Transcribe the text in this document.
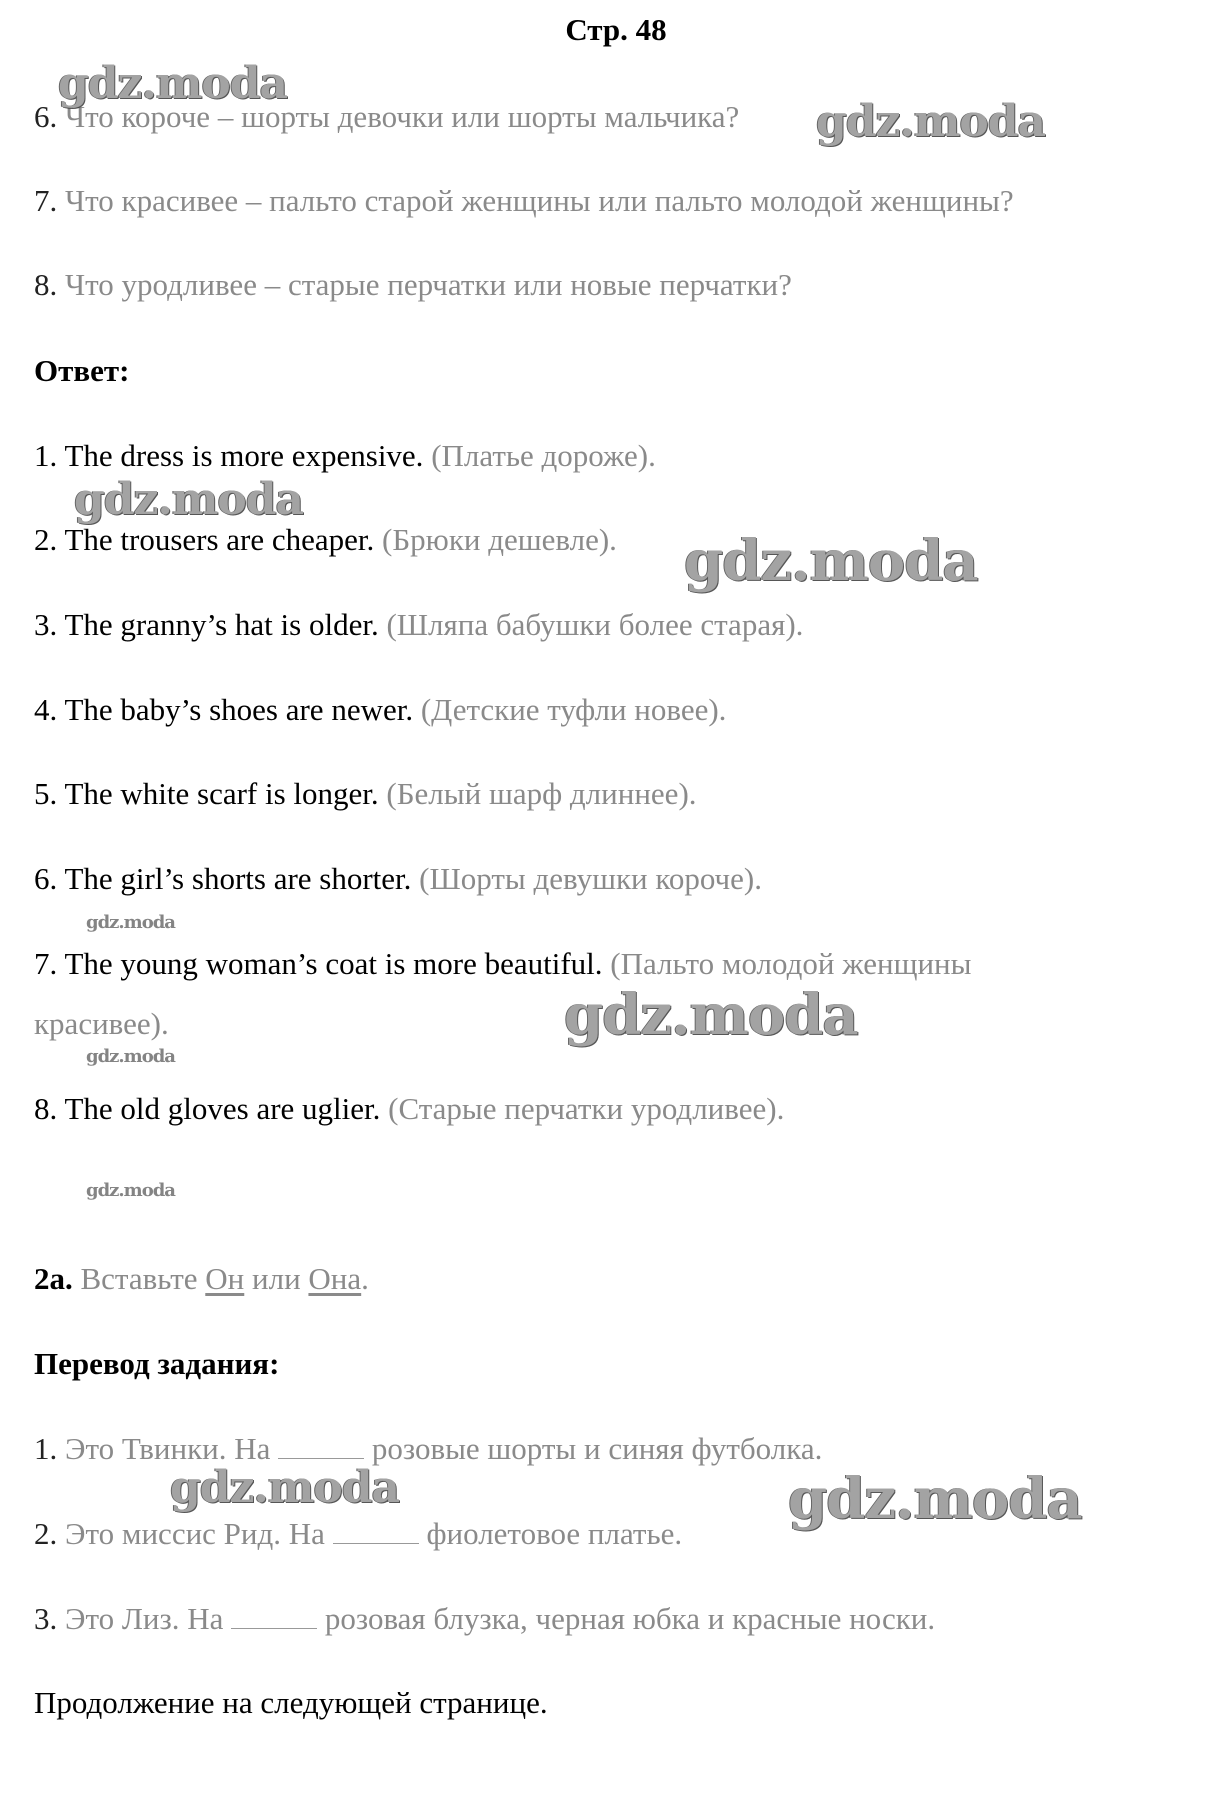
Стр. 48
6. Что короче – шорты девочки или шорты мальчика?
7. Что красивее – пальто старой женщины или пальто молодой женщины?
8. Что уродливее – старые перчатки или новые перчатки?
Ответ:
1. The dress is more expensive. (Платье дороже).
2. The trousers are cheaper. (Брюки дешевле).
3. The granny’s hat is older. (Шляпа бабушки более старая).
4. The baby’s shoes are newer. (Детские туфли новее).
5. The white scarf is longer. (Белый шарф длиннее).
6. The girl’s shorts are shorter. (Шорты девушки короче).
7. The young woman’s coat is more beautiful. (Пальто молодой женщины
красивее).
8. The old gloves are uglier. (Старые перчатки уродливее).
2a. Вставьте Он или Она.
Перевод задания:
1. Это Твинки. На	розовые шорты и синяя футболка.
2. Это миссис Рид. На	фиолетовое платье.
3. Это Лиз. На	розовая блузка, черная юбка и красные носки.
Продолжение на следующей странице.
gdz.moda
gdz.moda
gdz.moda
gdz.moda
gdz.moda
gdz.moda
gdz.moda
gdz.moda
gdz.moda	gdz.moda
